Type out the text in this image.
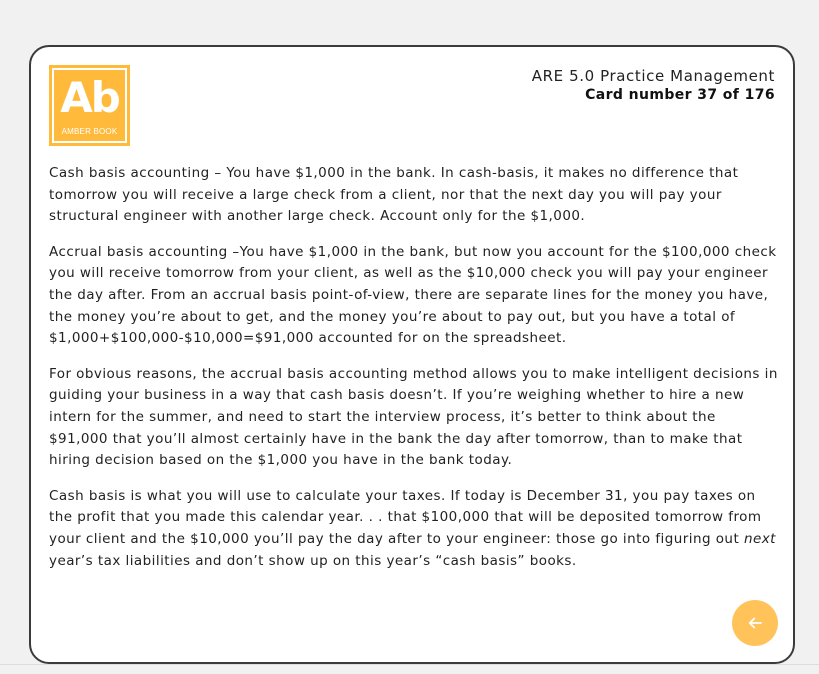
Ab
AMBER BOOK
ARE 5.0 Practice Management
Card number 37 of 176

Cash basis accounting – You have $1,000 in the bank. In cash-basis, it makes no difference that tomorrow you will receive a large check from a client, nor that the next day you will pay your structural engineer with another large check. Account only for the $1,000.

Accrual basis accounting –You have $1,000 in the bank, but now you account for the $100,000 check you will receive tomorrow from your client, as well as the $10,000 check you will pay your engineer the day after. From an accrual basis point-of-view, there are separate lines for the money you have, the money you’re about to get, and the money you’re about to pay out, but you have a total of $1,000+$100,000-$10,000=$91,000 accounted for on the spreadsheet.

For obvious reasons, the accrual basis accounting method allows you to make intelligent decisions in guiding your business in a way that cash basis doesn’t. If you’re weighing whether to hire a new intern for the summer, and need to start the interview process, it’s better to think about the $91,000 that you’ll almost certainly have in the bank the day after tomorrow, than to make that hiring decision based on the $1,000 you have in the bank today.

Cash basis is what you will use to calculate your taxes. If today is December 31, you pay taxes on the profit that you made this calendar year. . . that $100,000 that will be deposited tomorrow from your client and the $10,000 you’ll pay the day after to your engineer: those go into figuring out next year’s tax liabilities and don’t show up on this year’s “cash basis” books.
